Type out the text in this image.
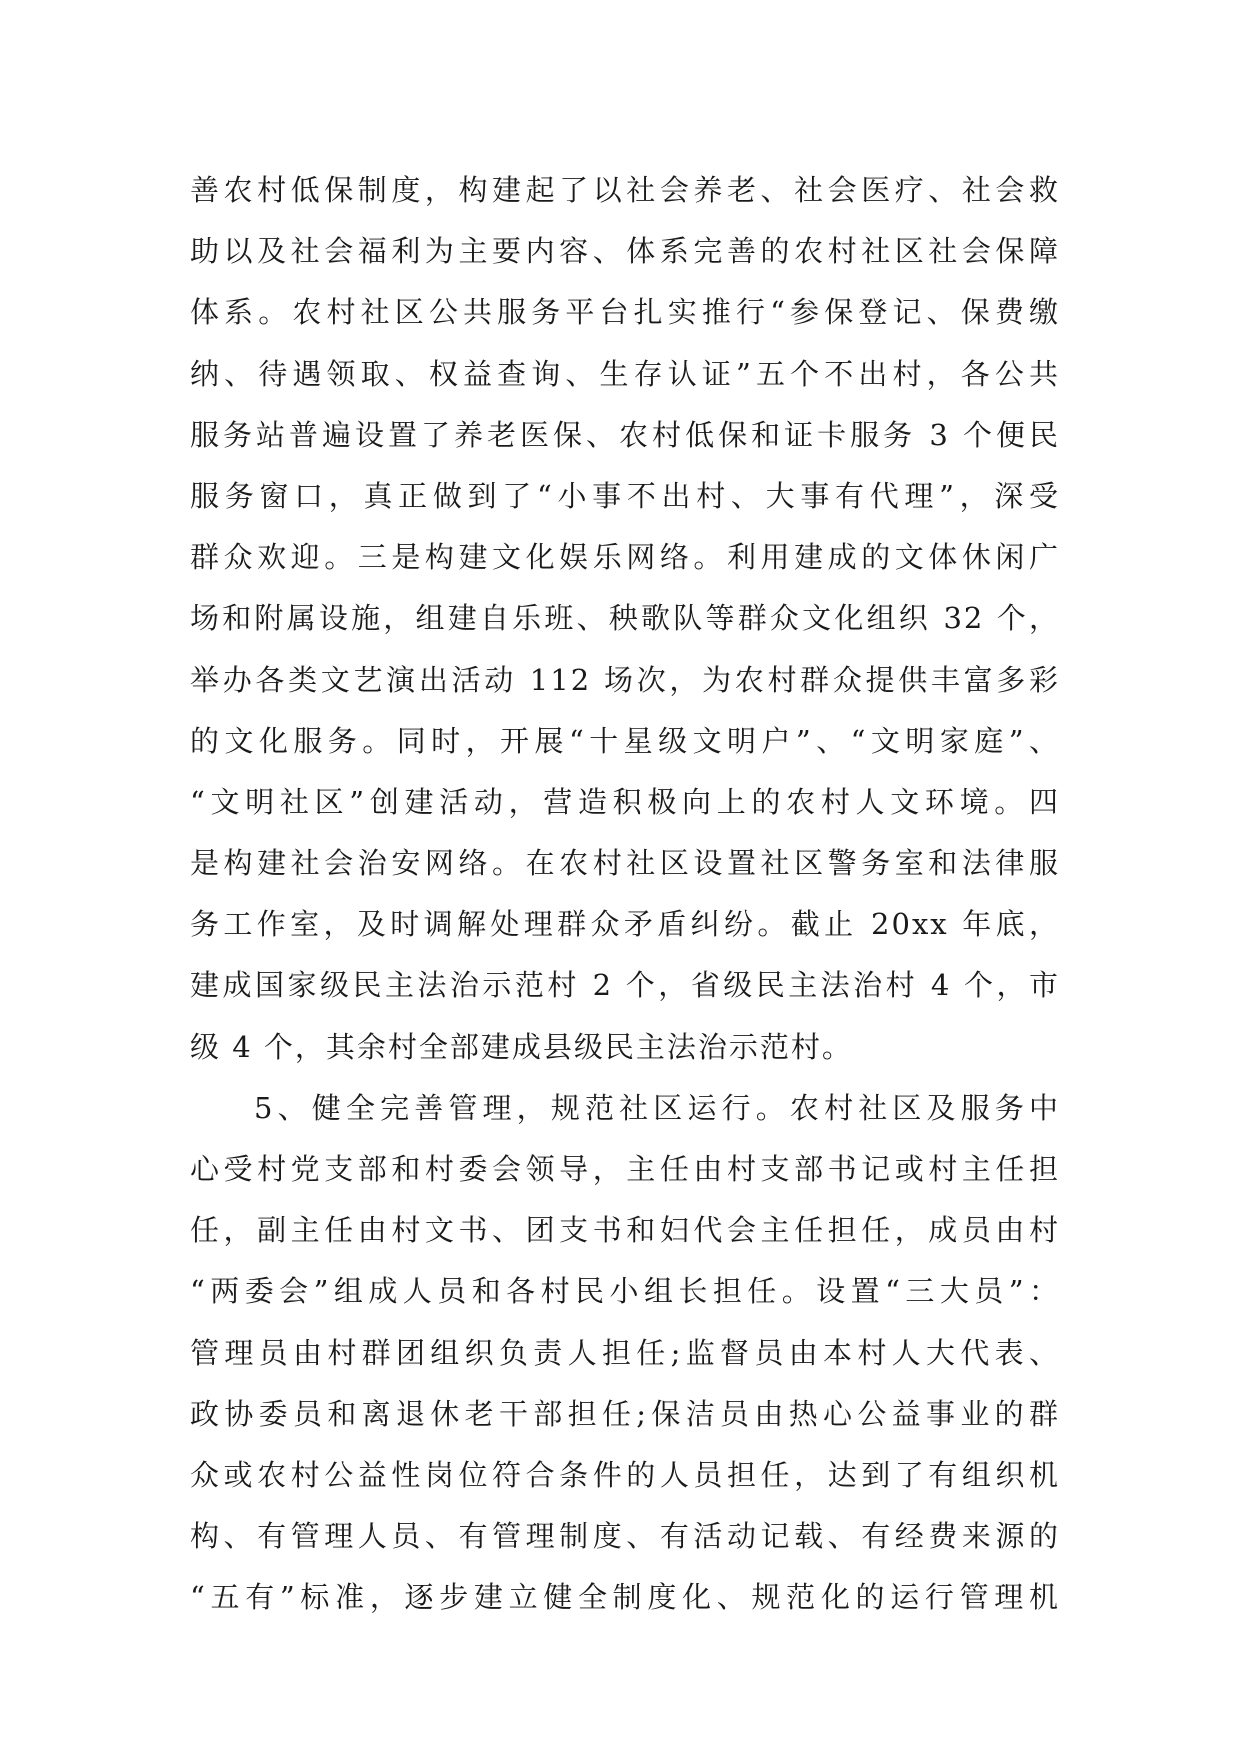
善农村低保制度，构建起了以社会养老、社会医疗、社会救
助以及社会福利为主要内容、体系完善的农村社区社会保障
体系。农村社区公共服务平台扎实推行“参保登记、保费缴
纳、待遇领取、权益查询、生存认证”五个不出村，各公共
服务站普遍设置了养老医保、农村低保和证卡服务 3 个便民
服务窗口，真正做到了“小事不出村、大事有代理”，深受
群众欢迎。三是构建文化娱乐网络。利用建成的文体休闲广
场和附属设施，组建自乐班、秧歌队等群众文化组织 32 个，
举办各类文艺演出活动 112 场次，为农村群众提供丰富多彩
的文化服务。同时，开展“十星级文明户”、“文明家庭”、
“文明社区”创建活动，营造积极向上的农村人文环境。四
是构建社会治安网络。在农村社区设置社区警务室和法律服
务工作室，及时调解处理群众矛盾纠纷。截止 20xx 年底，
建成国家级民主法治示范村 2 个，省级民主法治村 4 个，市
级 4 个，其余村全部建成县级民主法治示范村。
5、健全完善管理，规范社区运行。农村社区及服务中
心受村党支部和村委会领导，主任由村支部书记或村主任担
任，副主任由村文书、团支书和妇代会主任担任，成员由村
“两委会”组成人员和各村民小组长担任。设置“三大员”：
管理员由村群团组织负责人担任;监督员由本村人大代表、
政协委员和离退休老干部担任;保洁员由热心公益事业的群
众或农村公益性岗位符合条件的人员担任，达到了有组织机
构、有管理人员、有管理制度、有活动记载、有经费来源的
“五有”标准，逐步建立健全制度化、规范化的运行管理机
